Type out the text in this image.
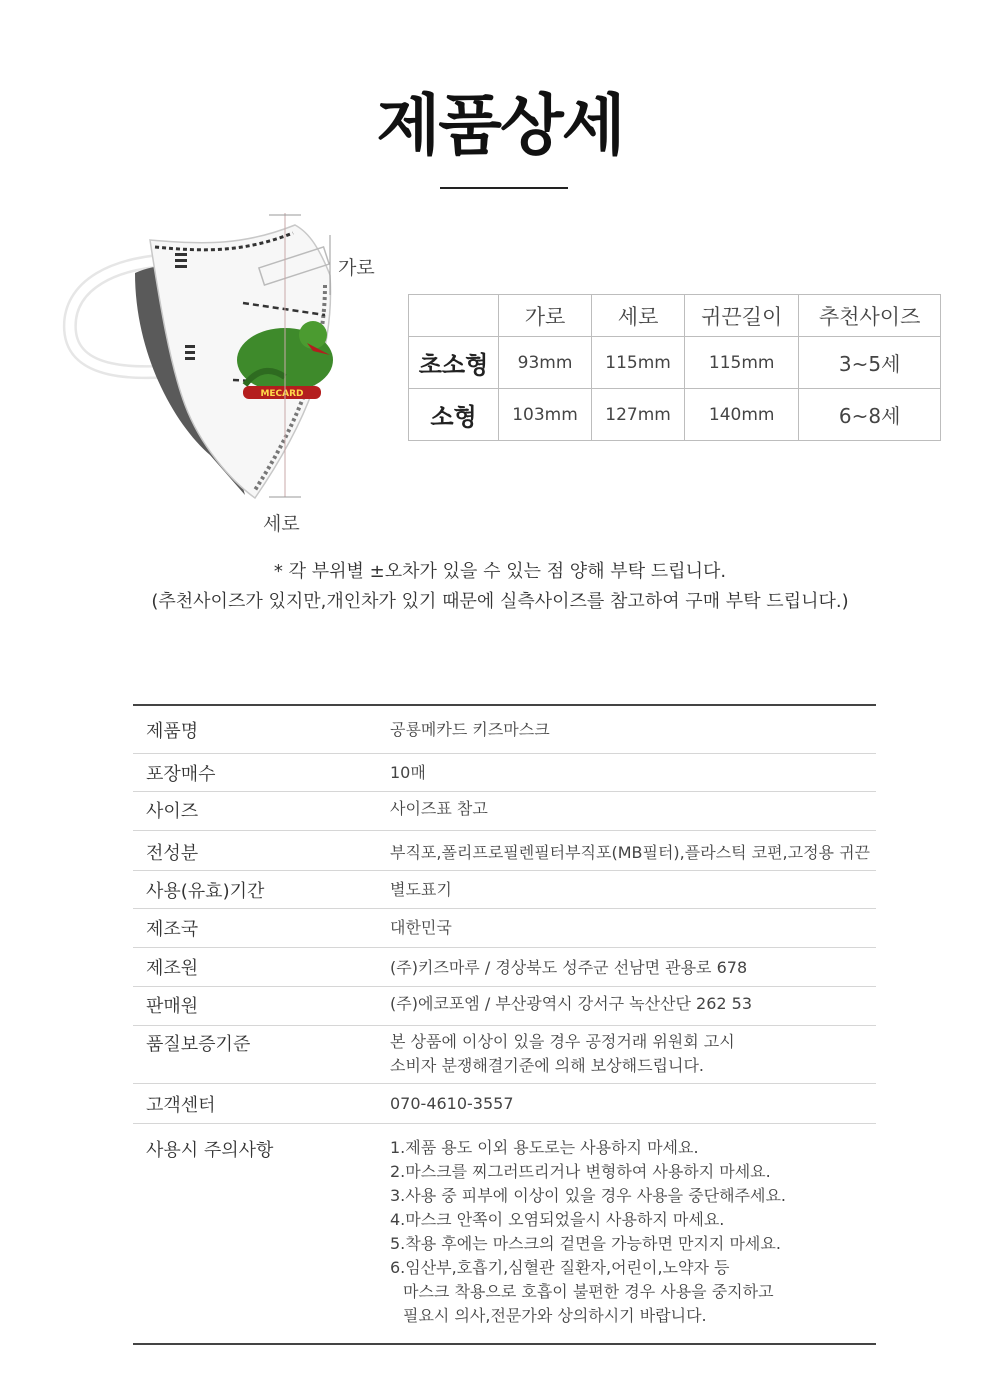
제품상세
MECARD
가로
세로
	가로	세로	귀끈길이	추천사이즈
초소형	93mm	115mm	115mm	3~5세
소형	103mm	127mm	140mm	6~8세
* 각 부위별 ±오차가 있을 수 있는 점 양해 부탁 드립니다.
(추천사이즈가 있지만,개인차가 있기 때문에 실측사이즈를 참고하여 구매 부탁 드립니다.)
제품명	공룡메카드 키즈마스크
포장매수	10매
사이즈	사이즈표 참고
전성분	부직포,폴리프로필렌필터부직포(MB필터),플라스틱 코편,고정용 귀끈
사용(유효)기간	별도표기
제조국	대한민국
제조원	(주)키즈마루 / 경상북도 성주군 선남면 관용로 678
판매원	(주)에코포엠 / 부산광역시 강서구 녹산산단 262 53
품질보증기준	본 상품에 이상이 있을 경우 공정거래 위원회 고시
소비자 분쟁해결기준에 의해 보상해드립니다.
고객센터	070-4610-3557
사용시 주의사항	1.제품 용도 이외 용도로는 사용하지 마세요.
2.마스크를 찌그러뜨리거나 변형하여 사용하지 마세요.
3.사용 중 피부에 이상이 있을 경우 사용을 중단해주세요.
4.마스크 안쪽이 오염되었을시 사용하지 마세요.
5.착용 후에는 마스크의 겉면을 가능하면 만지지 마세요.
6.임산부,호흡기,심혈관 질환자,어린이,노약자 등
마스크 착용으로 호흡이 불편한 경우 사용을 중지하고
필요시 의사,전문가와 상의하시기 바랍니다.
